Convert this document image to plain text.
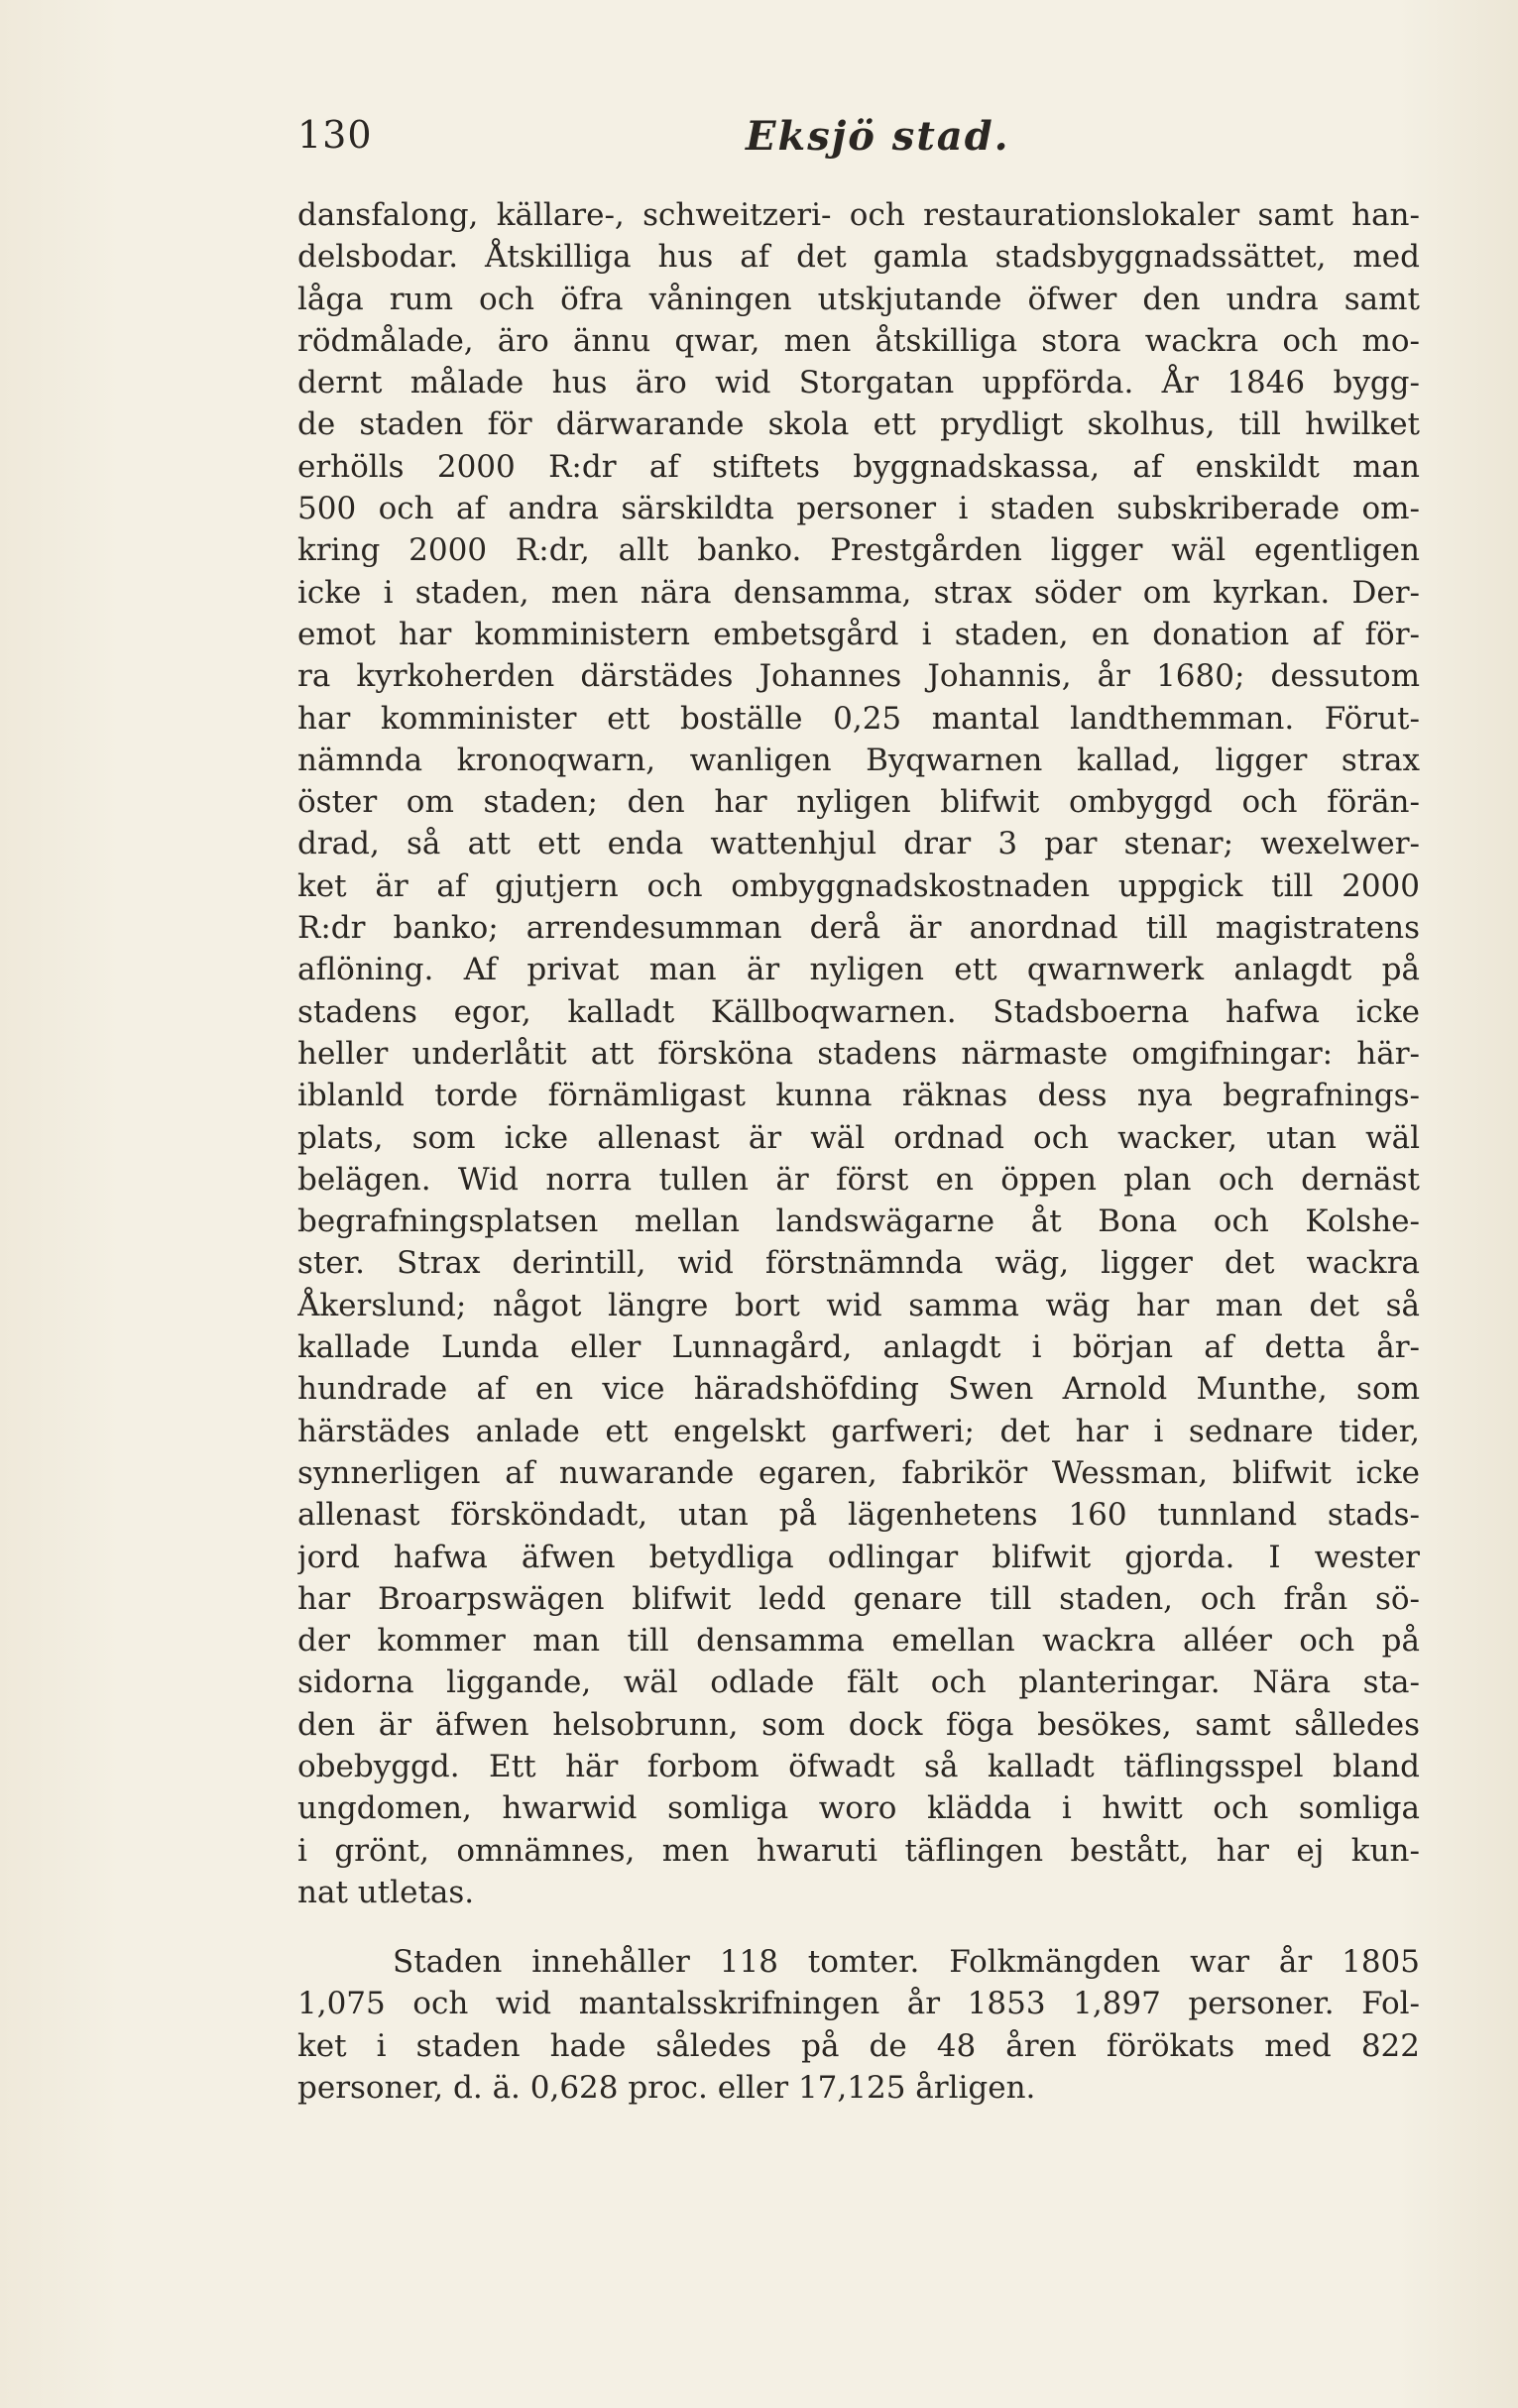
130	Eksjö stad.
dansfalong, källare-, schweitzeri- och restaurationslokaler samt han-
delsbodar. Åtskilliga hus af det gamla stadsbyggnadssättet, med
låga rum och öfra våningen utskjutande öfwer den undra samt
rödmålade, äro ännu qwar, men åtskilliga stora wackra och mo-
dernt målade hus äro wid Storgatan uppförda. År 1846 bygg-
de staden för därwarande skola ett prydligt skolhus, till hwilket
erhölls 2000 R:dr af stiftets byggnadskassa, af enskildt man
500 och af andra särskildta personer i staden subskriberade om-
kring 2000 R:dr, allt banko. Prestgården ligger wäl egentligen
icke i staden, men nära densamma, strax söder om kyrkan. Der-
emot har komministern embetsgård i staden, en donation af för-
ra kyrkoherden därstädes Johannes Johannis, år 1680; dessutom
har komminister ett boställe 0,25 mantal landthemman. Förut-
nämnda kronoqwarn, wanligen Byqwarnen kallad, ligger strax
öster om staden; den har nyligen blifwit ombyggd och förän-
drad, så att ett enda wattenhjul drar 3 par stenar; wexelwer-
ket är af gjutjern och ombyggnadskostnaden uppgick till 2000
R:dr banko; arrendesumman derå är anordnad till magistratens
aflöning. Af privat man är nyligen ett qwarnwerk anlagdt på
stadens egor, kalladt Källboqwarnen. Stadsboerna hafwa icke
heller underlåtit att försköna stadens närmaste omgifningar: här-
iblanld torde förnämligast kunna räknas dess nya begrafnings-
plats, som icke allenast är wäl ordnad och wacker, utan wäl
belägen. Wid norra tullen är först en öppen plan och dernäst
begrafningsplatsen mellan landswägarne åt Bona och Kolshe-
ster. Strax derintill, wid förstnämnda wäg, ligger det wackra
Åkerslund; något längre bort wid samma wäg har man det så
kallade Lunda eller Lunnagård, anlagdt i början af detta år-
hundrade af en vice häradshöfding Swen Arnold Munthe, som
härstädes anlade ett engelskt garfweri; det har i sednare tider,
synnerligen af nuwarande egaren, fabrikör Wessman, blifwit icke
allenast försköndadt, utan på lägenhetens 160 tunnland stads-
jord hafwa äfwen betydliga odlingar blifwit gjorda. I wester
har Broarpswägen blifwit ledd genare till staden, och från sö-
der kommer man till densamma emellan wackra alléer och på
sidorna liggande, wäl odlade fält och planteringar. Nära sta-
den är äfwen helsobrunn, som dock föga besökes, samt sålledes
obebyggd. Ett här forbom öfwadt så kalladt täflingsspel bland
ungdomen, hwarwid somliga woro klädda i hwitt och somliga
i grönt, omnämnes, men hwaruti täflingen bestått, har ej kun-
nat utletas.
Staden innehåller 118 tomter. Folkmängden war år 1805
1,075 och wid mantalsskrifningen år 1853 1,897 personer. Fol-
ket i staden hade således på de 48 åren förökats med 822
personer, d. ä. 0,628 proc. eller 17,125 årligen.
